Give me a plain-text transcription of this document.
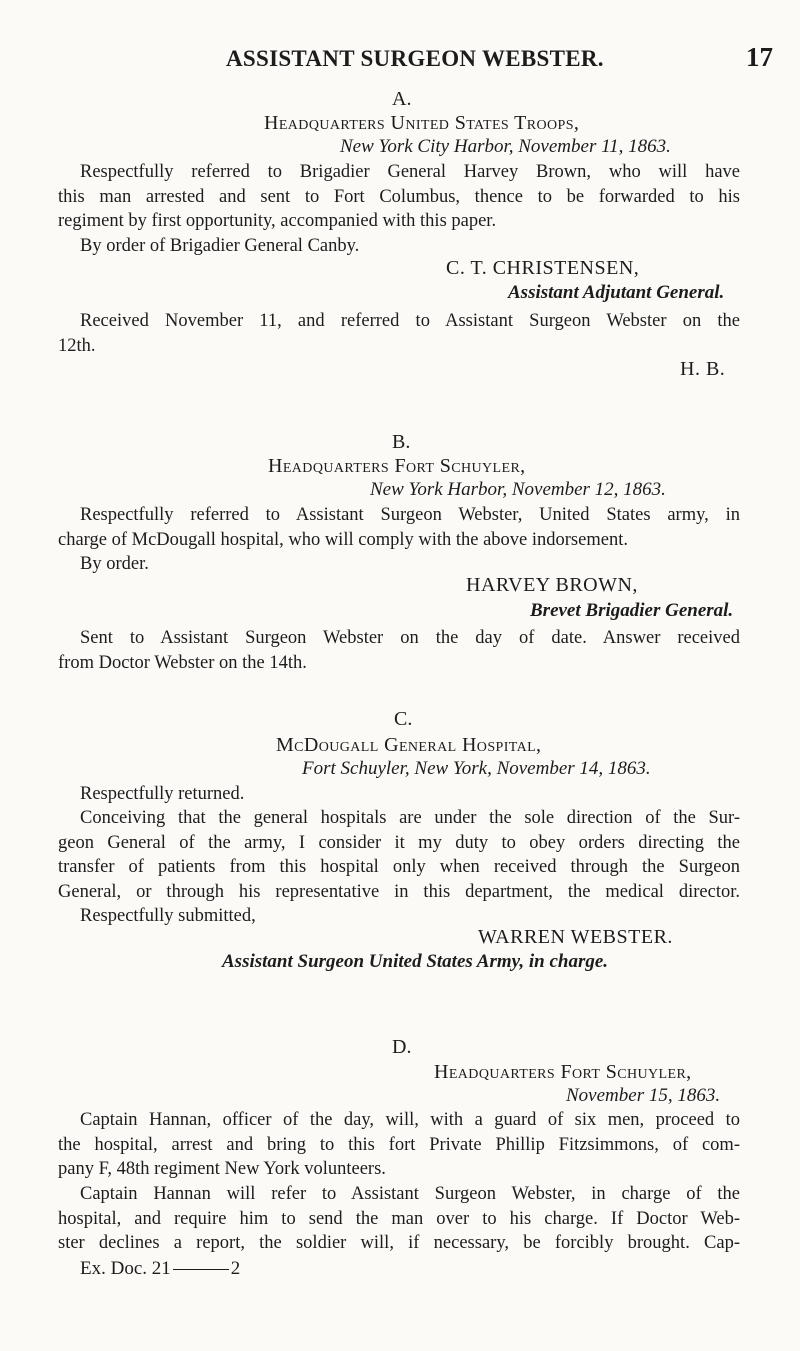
ASSISTANT SURGEON WEBSTER.	17
A.
Headquarters United States Troops,
New York City Harbor, November 11, 1863.
Respectfully referred to Brigadier General Harvey Brown, who will have
this man arrested and sent to Fort Columbus, thence to be forwarded to his
regiment by first opportunity, accompanied with this paper.
By order of Brigadier General Canby.
C. T. CHRISTENSEN,
Assistant Adjutant General.
Received November 11, and referred to Assistant Surgeon Webster on the
12th.
H. B.
B.
Headquarters Fort Schuyler,
New York Harbor, November 12, 1863.
Respectfully referred to Assistant Surgeon Webster, United States army, in
charge of McDougall hospital, who will comply with the above indorsement.
By order.
HARVEY BROWN,
Brevet Brigadier General.
Sent to Assistant Surgeon Webster on the day of date. Answer received
from Doctor Webster on the 14th.
C.
McDougall General Hospital,
Fort Schuyler, New York, November 14, 1863.
Respectfully returned.
Conceiving that the general hospitals are under the sole direction of the Sur-
geon General of the army, I consider it my duty to obey orders directing the
transfer of patients from this hospital only when received through the Surgeon
General, or through his representative in this department, the medical director.
Respectfully submitted,
WARREN WEBSTER.
Assistant Surgeon United States Army, in charge.
D.
Headquarters Fort Schuyler,
November 15, 1863.
Captain Hannan, officer of the day, will, with a guard of six men, proceed to
the hospital, arrest and bring to this fort Private Phillip Fitzsimmons, of com-
pany F, 48th regiment New York volunteers.
Captain Hannan will refer to Assistant Surgeon Webster, in charge of the
hospital, and require him to send the man over to his charge. If Doctor Web-
ster declines a report, the soldier will, if necessary, be forcibly brought. Cap-
Ex. Doc. 21	2
